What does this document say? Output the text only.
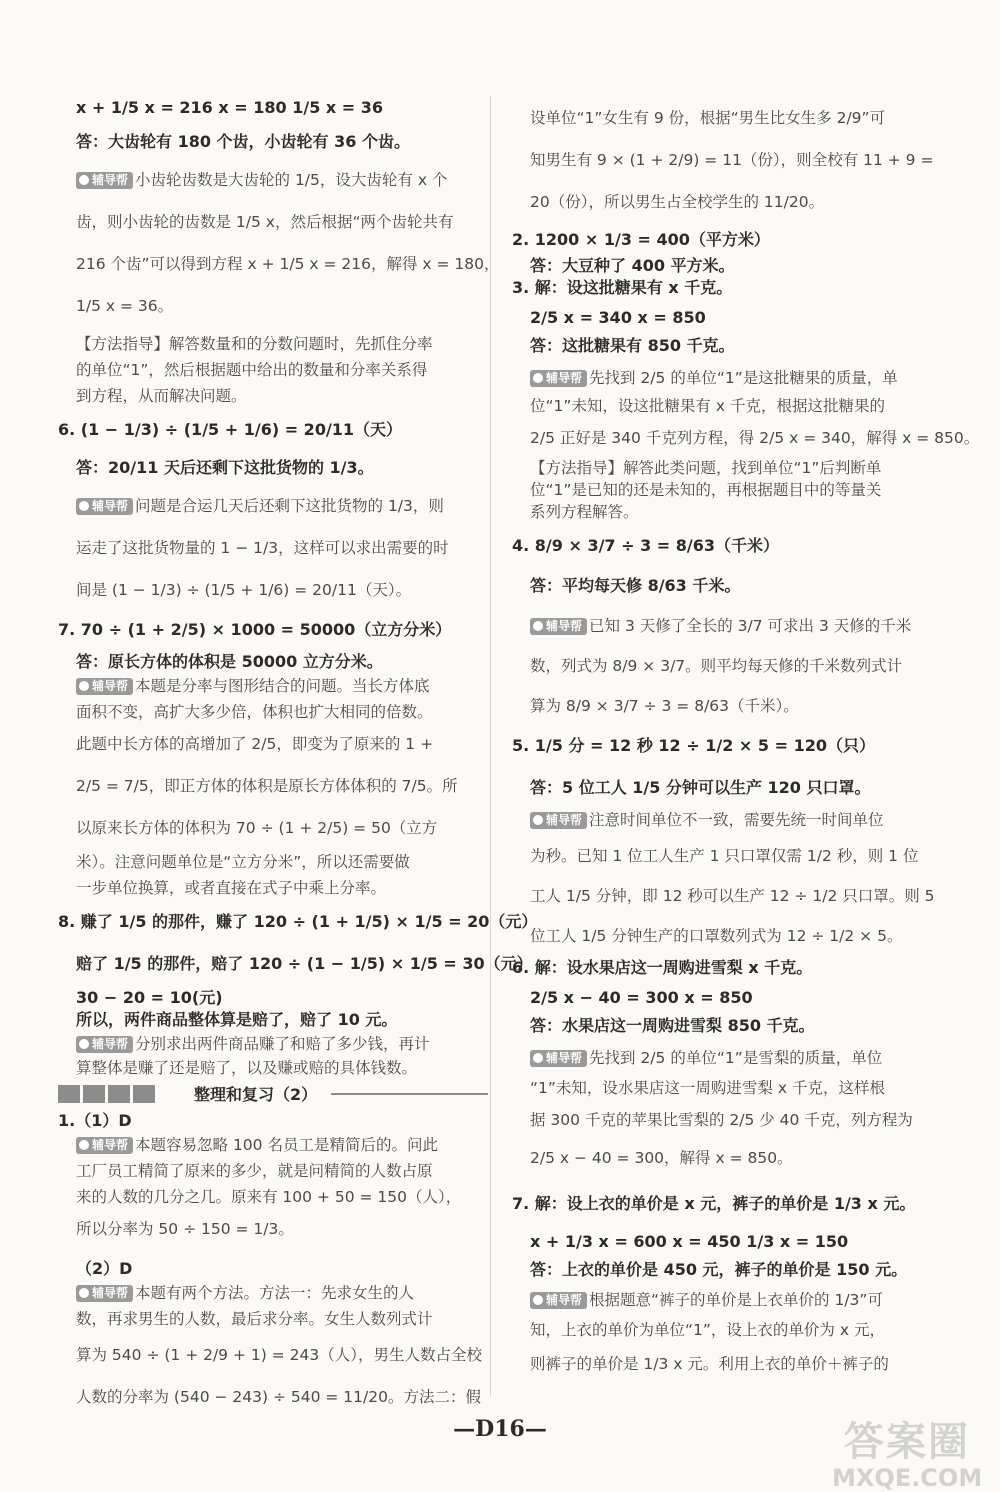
x + 1/5 x = 216 x = 180 1/5 x = 36
答：大齿轮有 180 个齿，小齿轮有 36 个齿。
辅导帮 小齿轮齿数是大齿轮的 1/5，设大齿轮有 x 个
齿，则小齿轮的齿数是 1/5 x，然后根据“两个齿轮共有
216 个齿”可以得到方程 x + 1/5 x = 216，解得 x = 180，
1/5 x = 36。
【方法指导】解答数量和的分数问题时，先抓住分率
的单位“1”，然后根据题中给出的数量和分率关系得
到方程，从而解决问题。
6. (1 − 1/3) ÷ (1/5 + 1/6) = 20/11（天）
答：20/11 天后还剩下这批货物的 1/3。
辅导帮 问题是合运几天后还剩下这批货物的 1/3，则
运走了这批货物量的 1 − 1/3，这样可以求出需要的时
间是 (1 − 1/3) ÷ (1/5 + 1/6) = 20/11（天）。
7. 70 ÷ (1 + 2/5) × 1000 = 50000（立方分米）
答：原长方体的体积是 50000 立方分米。
辅导帮 本题是分率与图形结合的问题。当长方体底
面积不变，高扩大多少倍，体积也扩大相同的倍数。
此题中长方体的高增加了 2/5，即变为了原来的 1 +
2/5 = 7/5，即正方体的体积是原长方体体积的 7/5。所
以原来长方体的体积为 70 ÷ (1 + 2/5) = 50（立方
米）。注意问题单位是“立方分米”，所以还需要做
一步单位换算，或者直接在式子中乘上分率。
8. 赚了 1/5 的那件，赚了 120 ÷ (1 + 1/5) × 1/5 = 20（元）
赔了 1/5 的那件，赔了 120 ÷ (1 − 1/5) × 1/5 = 30（元）
30 − 20 = 10(元)
所以，两件商品整体算是赔了，赔了 10 元。
辅导帮 分别求出两件商品赚了和赔了多少钱，再计
算整体是赚了还是赔了，以及赚或赔的具体钱数。
整理和复习（2）
1.（1）D
辅导帮 本题容易忽略 100 名员工是精简后的。问此
工厂员工精简了原来的多少，就是问精简的人数占原
来的人数的几分之几。原来有 100 + 50 = 150（人），
所以分率为 50 ÷ 150 = 1/3。
（2）D
辅导帮 本题有两个方法。方法一：先求女生的人
数，再求男生的人数，最后求分率。女生人数列式计
算为 540 ÷ (1 + 2/9 + 1) = 243（人），男生人数占全校
人数的分率为 (540 − 243) ÷ 540 = 11/20。方法二：假
设单位“1”女生有 9 份，根据“男生比女生多 2/9”可
知男生有 9 × (1 + 2/9) = 11（份），则全校有 11 + 9 =
20（份），所以男生占全校学生的 11/20。
2. 1200 × 1/3 = 400（平方米）
答：大豆种了 400 平方米。
3. 解：设这批糖果有 x 千克。
2/5 x = 340 x = 850
答：这批糖果有 850 千克。
辅导帮 先找到 2/5 的单位“1”是这批糖果的质量，单
位“1”未知，设这批糖果有 x 千克，根据这批糖果的
2/5 正好是 340 千克列方程，得 2/5 x = 340，解得 x = 850。
【方法指导】解答此类问题，找到单位“1”后判断单
位“1”是已知的还是未知的，再根据题目中的等量关
系列方程解答。
4. 8/9 × 3/7 ÷ 3 = 8/63（千米）
答：平均每天修 8/63 千米。
辅导帮 已知 3 天修了全长的 3/7 可求出 3 天修的千米
数，列式为 8/9 × 3/7。则平均每天修的千米数列式计
算为 8/9 × 3/7 ÷ 3 = 8/63（千米）。
5. 1/5 分 = 12 秒 12 ÷ 1/2 × 5 = 120（只）
答：5 位工人 1/5 分钟可以生产 120 只口罩。
辅导帮 注意时间单位不一致，需要先统一时间单位
为秒。已知 1 位工人生产 1 只口罩仅需 1/2 秒，则 1 位
工人 1/5 分钟，即 12 秒可以生产 12 ÷ 1/2 只口罩。则 5
位工人 1/5 分钟生产的口罩数列式为 12 ÷ 1/2 × 5。
6. 解：设水果店这一周购进雪梨 x 千克。
2/5 x − 40 = 300 x = 850
答：水果店这一周购进雪梨 850 千克。
辅导帮 先找到 2/5 的单位“1”是雪梨的质量，单位
“1”未知，设水果店这一周购进雪梨 x 千克，这样根
据 300 千克的苹果比雪梨的 2/5 少 40 千克，列方程为
2/5 x − 40 = 300，解得 x = 850。
7. 解：设上衣的单价是 x 元，裤子的单价是 1/3 x 元。
x + 1/3 x = 600 x = 450 1/3 x = 150
答：上衣的单价是 450 元，裤子的单价是 150 元。
辅导帮 根据题意“裤子的单价是上衣单价的 1/3”可
知，上衣的单价为单位“1”，设上衣的单价为 x 元，
则裤子的单价是 1/3 x 元。利用上衣的单价＋裤子的
—D16—	答案圈
MXQE.COM
